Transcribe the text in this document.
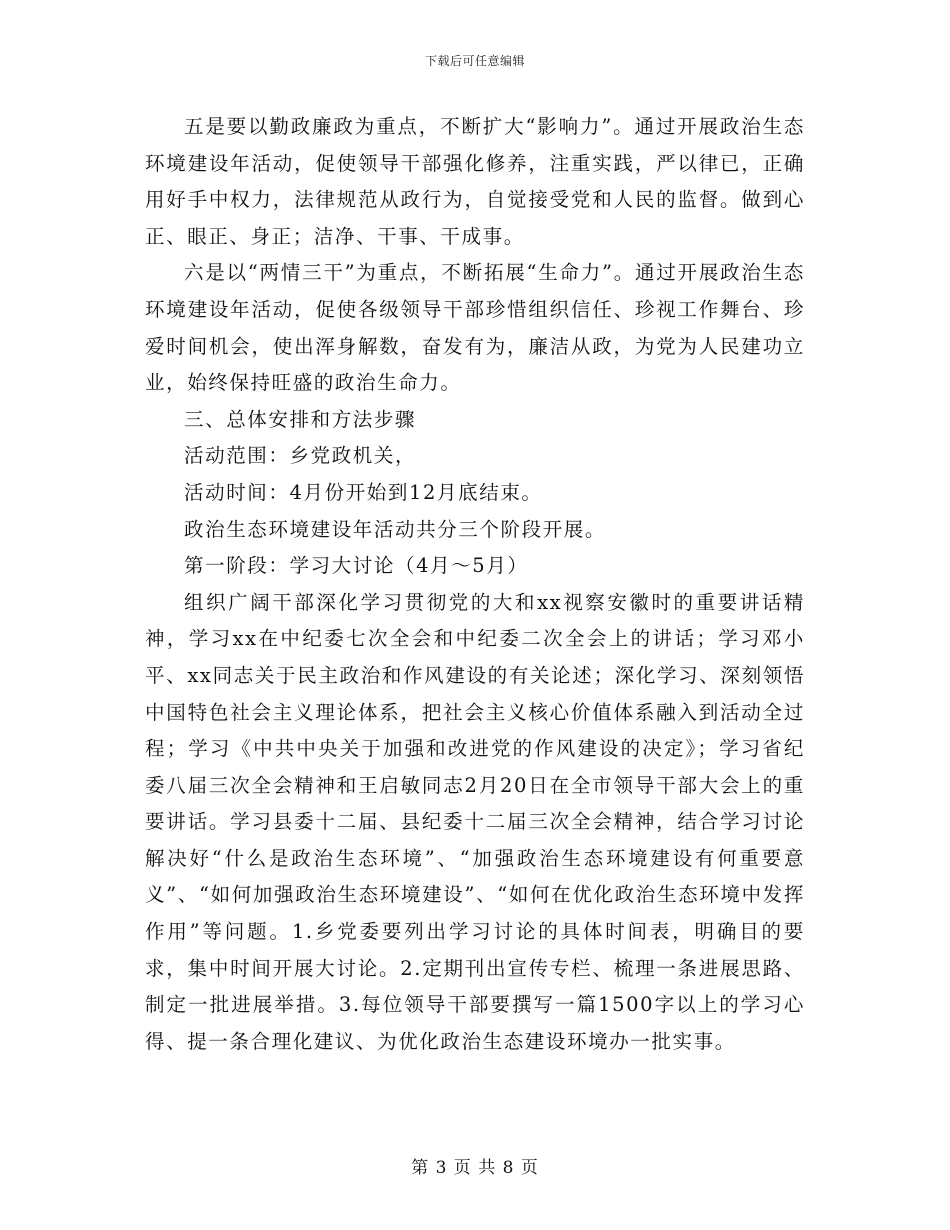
下载后可任意编辑

五是要以勤政廉政为重点，不断扩大“影响力”。通过开展政治生态环境建设年活动，促使领导干部强化修养，注重实践，严以律已，正确用好手中权力，法律规范从政行为，自觉接受党和人民的监督。做到心正、眼正、身正；洁净、干事、干成事。

六是以“两情三干”为重点，不断拓展“生命力”。通过开展政治生态环境建设年活动，促使各级领导干部珍惜组织信任、珍视工作舞台、珍爱时间机会，使出浑身解数，奋发有为，廉洁从政，为党为人民建功立业，始终保持旺盛的政治生命力。

三、总体安排和方法步骤

活动范围：乡党政机关，

活动时间：4月份开始到12月底结束。

政治生态环境建设年活动共分三个阶段开展。

第一阶段：学习大讨论（4月～5月）

组织广阔干部深化学习贯彻党的大和xx视察安徽时的重要讲话精神，学习xx在中纪委七次全会和中纪委二次全会上的讲话；学习邓小平、xx同志关于民主政治和作风建设的有关论述；深化学习、深刻领悟中国特色社会主义理论体系，把社会主义核心价值体系融入到活动全过程；学习《中共中央关于加强和改进党的作风建设的决定》；学习省纪委八届三次全会精神和王启敏同志2月20日在全市领导干部大会上的重要讲话。学习县委十二届、县纪委十二届三次全会精神，结合学习讨论解决好“什么是政治生态环境”、“加强政治生态环境建设有何重要意义”、“如何加强政治生态环境建设”、“如何在优化政治生态环境中发挥作用”等问题。1.乡党委要列出学习讨论的具体时间表，明确目的要求，集中时间开展大讨论。2.定期刊出宣传专栏、梳理一条进展思路、制定一批进展举措。3.每位领导干部要撰写一篇1500字以上的学习心得、提一条合理化建议、为优化政治生态建设环境办一批实事。

第 3 页 共 8 页
